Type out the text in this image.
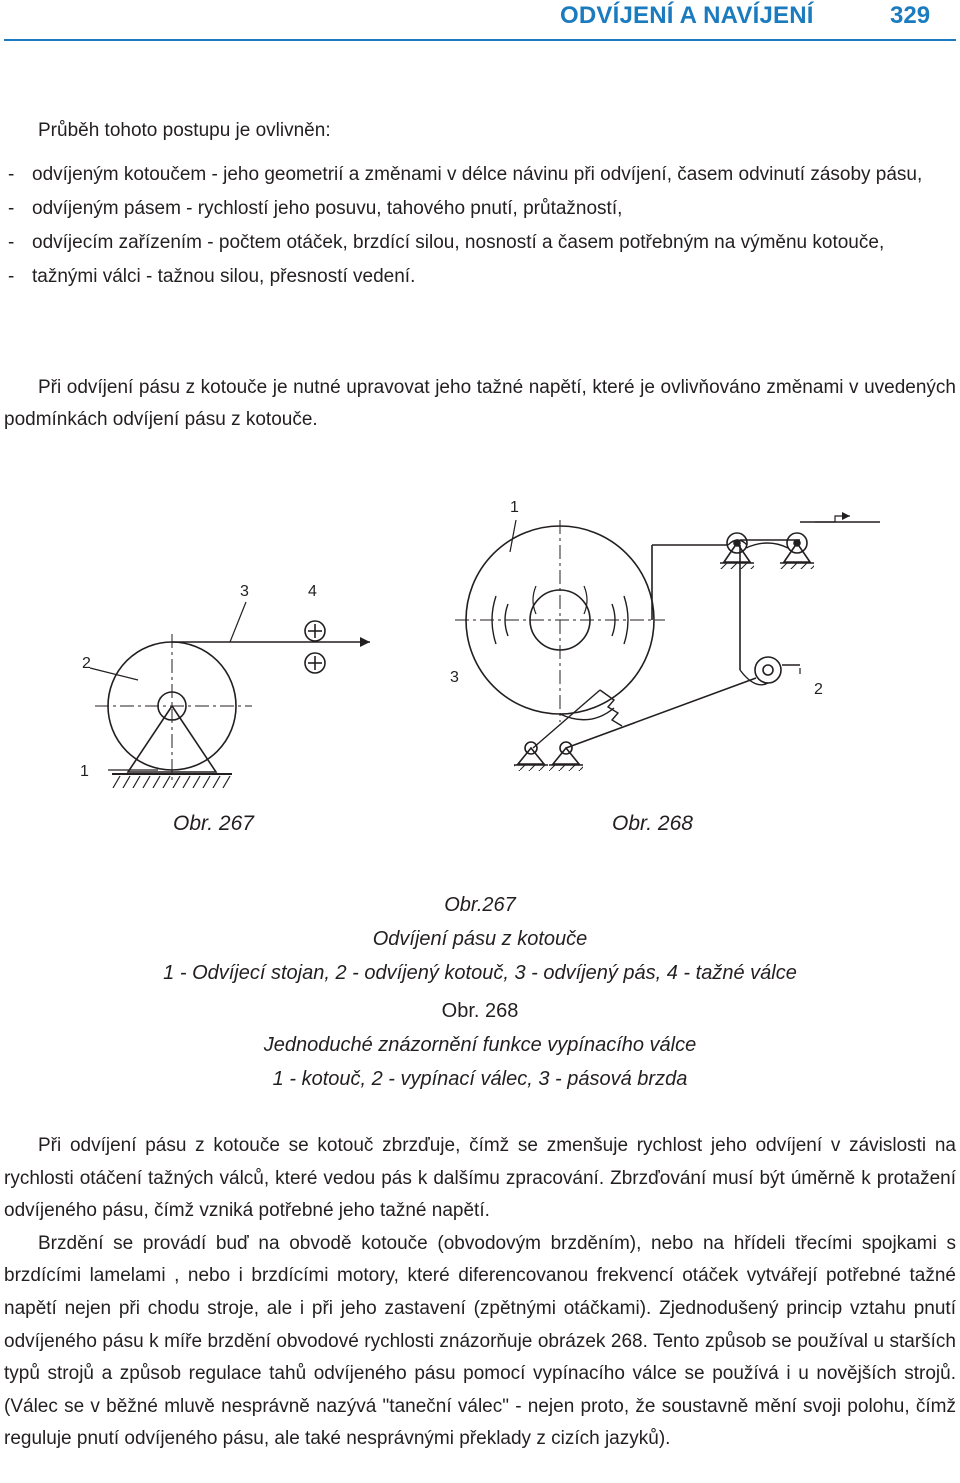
ODVÍJENÍ A NAVÍJENÍ	329
Průběh tohoto postupu je ovlivněn:
- odvíjeným kotoučem - jeho geometrií a změnami v délce návinu při odvíjení, časem odvinutí zásoby pásu,
- odvíjeným pásem - rychlostí jeho posuvu, tahového pnutí, průtažností,
- odvíjecím zařízením - počtem otáček, brzdící silou, nosností a časem potřebným na výměnu kotouče,
- tažnými válci - tažnou silou, přesností vedení.

Při odvíjení pásu z kotouče je nutné upravovat jeho tažné napětí, které je ovlivňováno změnami v uvedených podmínkách odvíjení pásu z kotouče.

2
3	4
1
1
3
2
Obr. 267	Obr. 268
Obr.267
Odvíjení pásu z kotouče
1 - Odvíjecí stojan, 2 - odvíjený kotouč, 3 - odvíjený pás, 4 - tažné válce
Obr. 268
Jednoduché znázornění funkce vypínacího válce
1 - kotouč, 2 - vypínací válec, 3 - pásová brzda

Při odvíjení pásu z kotouče se kotouč zbrzďuje, čímž se zmenšuje rychlost jeho odvíjení v závislosti na rychlosti otáčení tažných válců, které vedou pás k dalšímu zpracování. Zbrzďování musí být úměrně k protažení odvíjeného pásu, čímž vzniká potřebné jeho tažné napětí.

Brzdění se provádí buď na obvodě kotouče (obvodovým brzděním), nebo na hřídeli třecími spojkami s brzdícími lamelami , nebo i brzdícími motory, které diferencovanou frekvencí otáček vytvářejí potřebné tažné napětí nejen při chodu stroje, ale i při jeho zastavení (zpětnými otáčkami). Zjednodušený princip vztahu pnutí odvíjeného pásu k míře brzdění obvodové rychlosti znázorňuje obrázek 268. Tento způsob se používal u starších typů strojů a způsob regulace tahů odvíjeného pásu pomocí vypínacího válce se používá i u novějších strojů. (Válec se v běžné mluvě nesprávně nazývá "taneční válec" - nejen proto, že soustavně mění svoji polohu, čímž reguluje pnutí odvíjeného pásu, ale také nesprávnými překlady z cizích jazyků).
